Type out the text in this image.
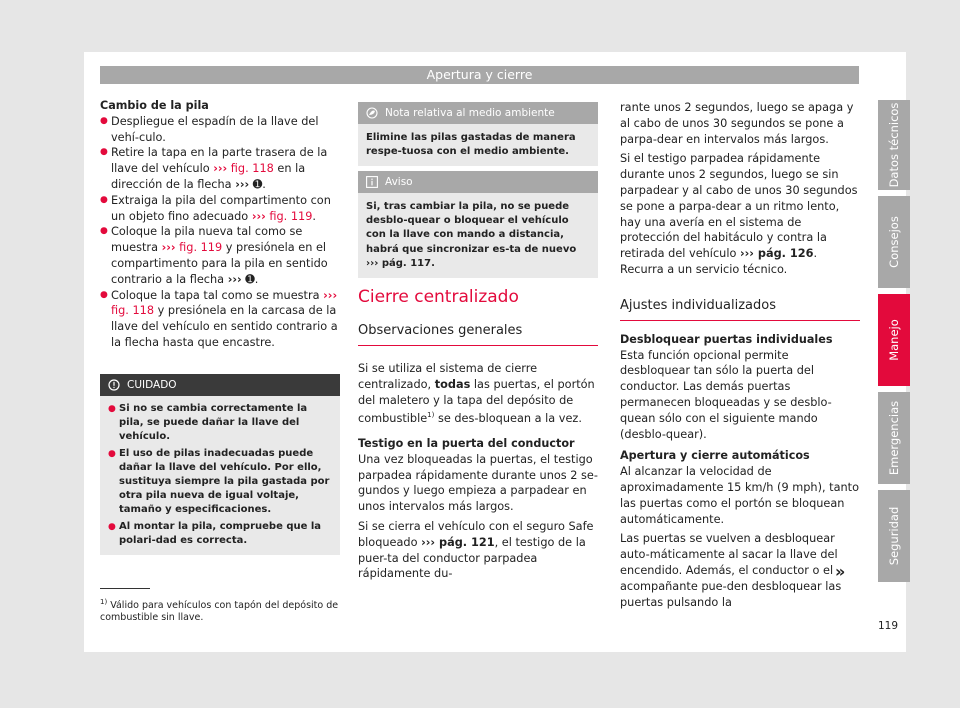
Apertura y cierre
Datos técnicos
Consejos
Manejo
Emergencias
Seguridad

Cambio de la pila

● Despliegue el espadín de la llave del vehí-culo.

● Retire la tapa en la parte trasera de la llave del vehículo ››› fig. 118 en la dirección de la flecha ››› ➊.

● Extraiga la pila del compartimento con un objeto fino adecuado ››› fig. 119.

● Coloque la pila nueva tal como se muestra ››› fig. 119 y presiónela en el compartimento para la pila en sentido contrario a la flecha ››› ➊.

● Coloque la tapa tal como se muestra ››› fig. 118 y presiónela en la carcasa de la llave del vehículo en sentido contrario a la flecha hasta que encastre.

CUIDADO

● Si no se cambia correctamente la pila, se puede dañar la llave del vehículo.

● El uso de pilas inadecuadas puede dañar la llave del vehículo. Por ello, sustituya siempre la pila gastada por otra pila nueva de igual voltaje, tamaño y especificaciones.

● Al montar la pila, compruebe que la polari-dad es correcta.

Nota relativa al medio ambiente
Elimine las pilas gastadas de manera respe-tuosa con el medio ambiente.
Aviso
Si, tras cambiar la pila, no se puede desblo-quear o bloquear el vehículo con la llave con mando a distancia, habrá que sincronizar es-ta de nuevo ››› pág. 117.

Cierre centralizado

Observaciones generales

Si se utiliza el sistema de cierre centralizado, todas las puertas, el portón del maletero y la tapa del depósito de combustible$^{1)}$ se des-bloquean a la vez.

Testigo en la puerta del conductor

Una vez bloqueadas la puertas, el testigo parpadea rápidamente durante unos 2 se-gundos y luego empieza a parpadear en unos intervalos más largos.

Si se cierra el vehículo con el seguro Safe bloqueado ››› pág. 121, el testigo de la puer-ta del conductor parpadea rápidamente du-

rante unos 2 segundos, luego se apaga y al cabo de unos 30 segundos se pone a parpa-dear en intervalos más largos.

Si el testigo parpadea rápidamente durante unos 2 segundos, luego se sin parpadear y al cabo de unos 30 segundos se pone a parpa-dear a un ritmo lento, hay una avería en el sistema de protección del habitáculo y contra la retirada del vehículo ››› pág. 126. Recurra a un servicio técnico.

Ajustes individualizados

Desbloquear puertas individuales

Esta función opcional permite desbloquear tan sólo la puerta del conductor. Las demás puertas permanecen bloqueadas y se desblo-quean sólo con el siguiente mando (desblo-quear).

Apertura y cierre automáticos

Al alcanzar la velocidad de aproximadamente 15 km/h (9 mph), tanto las puertas como el portón se bloquean automáticamente.

Las puertas se vuelven a desbloquear auto-máticamente al sacar la llave del encendido. Además, el conductor o el acompañante pue-den desbloquear las puertas pulsando la

»
$^{1)}$ Válido para vehículos con tapón del depósito de combustible sin llave.
119
